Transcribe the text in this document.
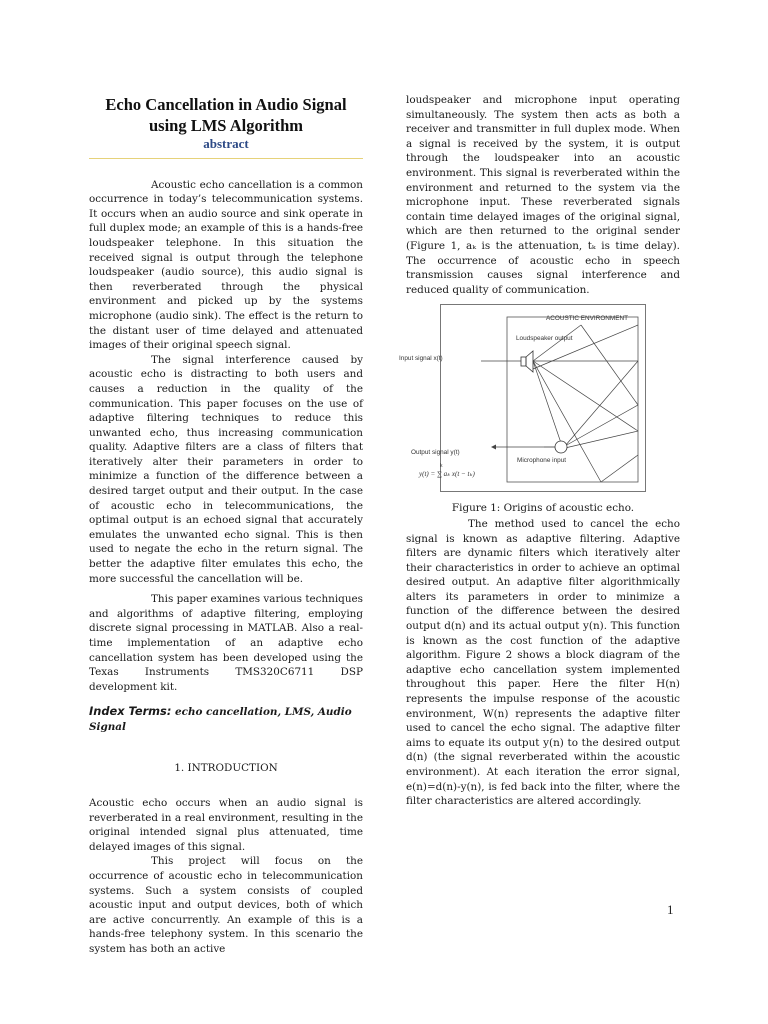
Echo Cancellation in Audio Signal using LMS Algorithm
abstract

Acoustic echo cancellation is a common occurrence in today’s telecommunication systems. It occurs when an audio source and sink operate in full duplex mode; an example of this is a hands-free loudspeaker telephone. In this situation the received signal is output through the telephone loudspeaker (audio source), this audio signal is then reverberated through the physical environment and picked up by the systems microphone (audio sink). The effect is the return to the distant user of time delayed and attenuated images of their original speech signal.

The signal interference caused by acoustic echo is distracting to both users and causes a reduction in the quality of the communication. This paper focuses on the use of adaptive filtering techniques to reduce this unwanted echo, thus increasing communication quality. Adaptive filters are a class of filters that iteratively alter their parameters in order to minimize a function of the difference between a desired target output and their output. In the case of acoustic echo in telecommunications, the optimal output is an echoed signal that accurately emulates the unwanted echo signal. This is then used to negate the echo in the return signal. The better the adaptive filter emulates this echo, the more successful the cancellation will be.

This paper examines various techniques and algorithms of adaptive filtering, employing discrete signal processing in MATLAB. Also a real-time implementation of an adaptive echo cancellation system has been developed using the Texas Instruments TMS320C6711 DSP development kit.

Index Terms: echo cancellation, LMS, Audio Signal
1. INTRODUCTION

Acoustic echo occurs when an audio signal is reverberated in a real environment, resulting in the original intended signal plus attenuated, time delayed images of this signal.

This project will focus on the occurrence of acoustic echo in telecommunication systems. Such a system consists of coupled acoustic input and output devices, both of which are active concurrently. An example of this is a hands-free telephony system. In this scenario the system has both an active

loudspeaker and microphone input operating simultaneously. The system then acts as both a receiver and transmitter in full duplex mode. When a signal is received by the system, it is output through the loudspeaker into an acoustic environment. This signal is reverberated within the environment and returned to the system via the microphone input. These reverberated signals contain time delayed images of the original signal, which are then returned to the original sender (Figure 1, aₖ is the attenuation, tₖ is time delay). The occurrence of acoustic echo in speech transmission causes signal interference and reduced quality of communication.

ACOUSTIC ENVIRONMENT
Loudspeaker output
Input signal x(t)
Output signal y(t)
Microphone input
y(t) = ∑ aₖ x(t − tₖ)
k

Figure 1: Origins of acoustic echo.

The method used to cancel the echo signal is known as adaptive filtering. Adaptive filters are dynamic filters which iteratively alter their characteristics in order to achieve an optimal desired output. An adaptive filter algorithmically alters its parameters in order to minimize a function of the difference between the desired output d(n) and its actual output y(n). This function is known as the cost function of the adaptive algorithm. Figure 2 shows a block diagram of the adaptive echo cancellation system implemented throughout this paper. Here the filter H(n) represents the impulse response of the acoustic environment, W(n) represents the adaptive filter used to cancel the echo signal. The adaptive filter aims to equate its output y(n) to the desired output d(n) (the signal reverberated within the acoustic environment). At each iteration the error signal, e(n)=d(n)-y(n), is fed back into the filter, where the filter characteristics are altered accordingly.

1
